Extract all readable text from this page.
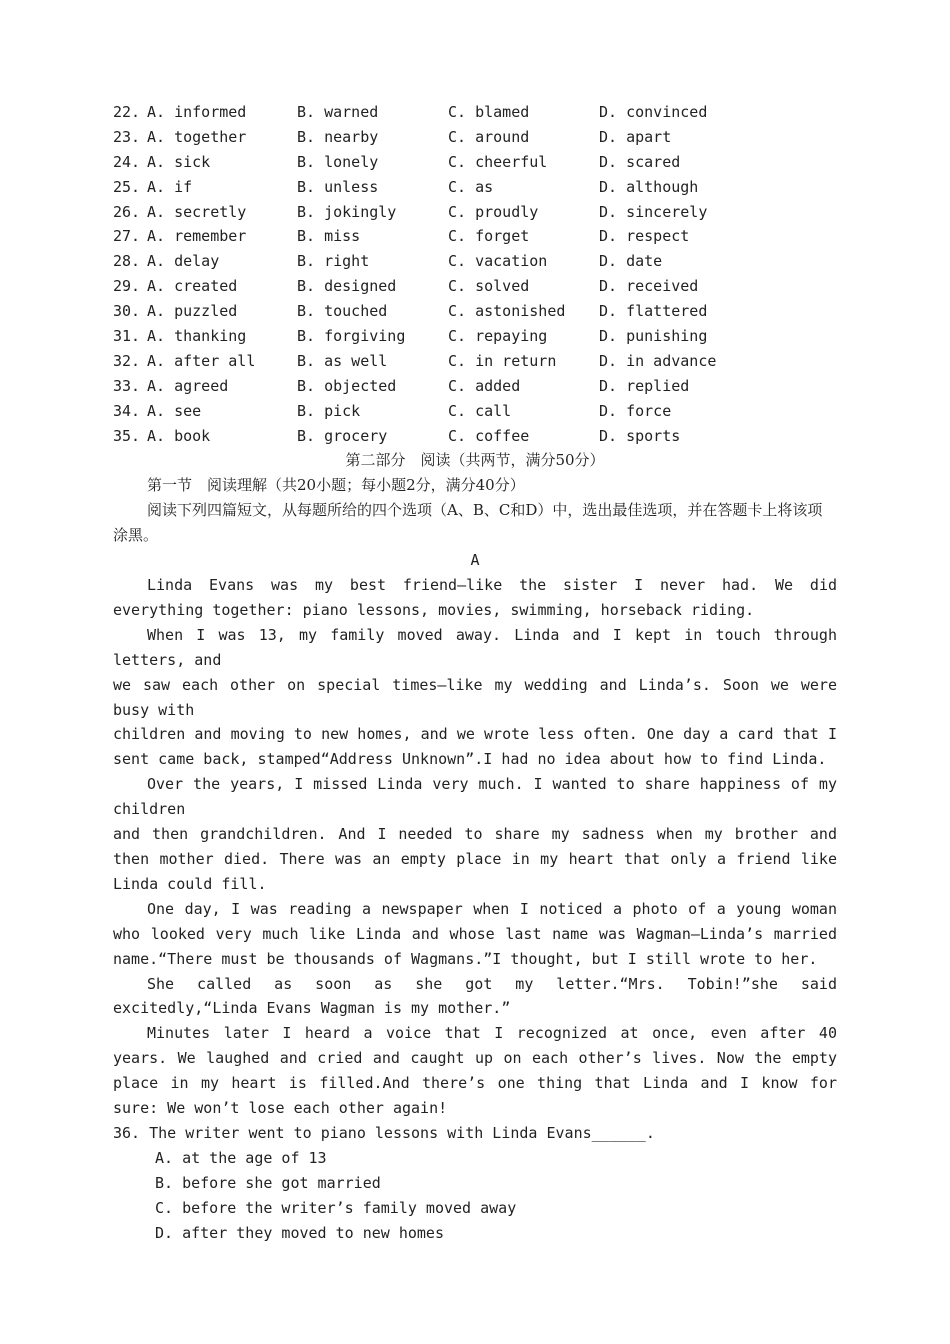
22. A. informed	B. warned	C. blamed	D. convinced
23. A. together	B. nearby	C. around	D. apart
24. A. sick	B. lonely	C. cheerful	D. scared
25. A. if	B. unless	C. as	D. although
26. A. secretly	B. jokingly	C. proudly	D. sincerely
27. A. remember	B. miss	C. forget	D. respect
28. A. delay	B. right	C. vacation	D. date
29. A. created	B. designed	C. solved	D. received
30. A. puzzled	B. touched	C. astonished	D. flattered
31. A. thanking	B. forgiving	C. repaying	D. punishing
32. A. after all	B. as well	C. in return	D. in advance
33. A. agreed	B. objected	C. added	D. replied
34. A. see	B. pick	C. call	D. force
35. A. book	B. grocery	C. coffee	D. sports
第二部分　阅读（共两节，满分50分）
第一节　阅读理解（共20小题；每小题2分，满分40分）
阅读下列四篇短文，从每题所给的四个选项（A、B、C和D）中，选出最佳选项，并在答题卡上将该项涂黑。
A

Linda Evans was my best friend—like the sister I never had. We did everything together: piano lessons, movies, swimming, horseback riding.

When I was 13, my family moved away. Linda and I kept in touch through letters, and

we saw each other on special times—like my wedding and Linda’s. Soon we were busy with

children and moving to new homes, and we wrote less often. One day a card that I sent came back, stamped“Address Unknown”.I had no idea about how to find Linda.

Over the years, I missed Linda very much. I wanted to share happiness of my children

and then grandchildren. And I needed to share my sadness when my brother and then mother died. There was an empty place in my heart that only a friend like Linda could fill.

One day, I was reading a newspaper when I noticed a photo of a young woman who looked very much like Linda and whose last name was Wagman—Linda’s married name.“There must be thousands of Wagmans.”I thought, but I still wrote to her.

She called as soon as she got my letter.“Mrs. Tobin!”she said excitedly,“Linda Evans Wagman is my mother.”

Minutes later I heard a voice that I recognized at once, even after 40 years. We laughed and cried and caught up on each other’s lives. Now the empty place in my heart is filled.And there’s one thing that Linda and I know for sure: We won’t lose each other again!

36. The writer went to piano lessons with Linda Evans______.

A. at the age of 13

B. before she got married

C. before the writer’s family moved away

D. after they moved to new homes
